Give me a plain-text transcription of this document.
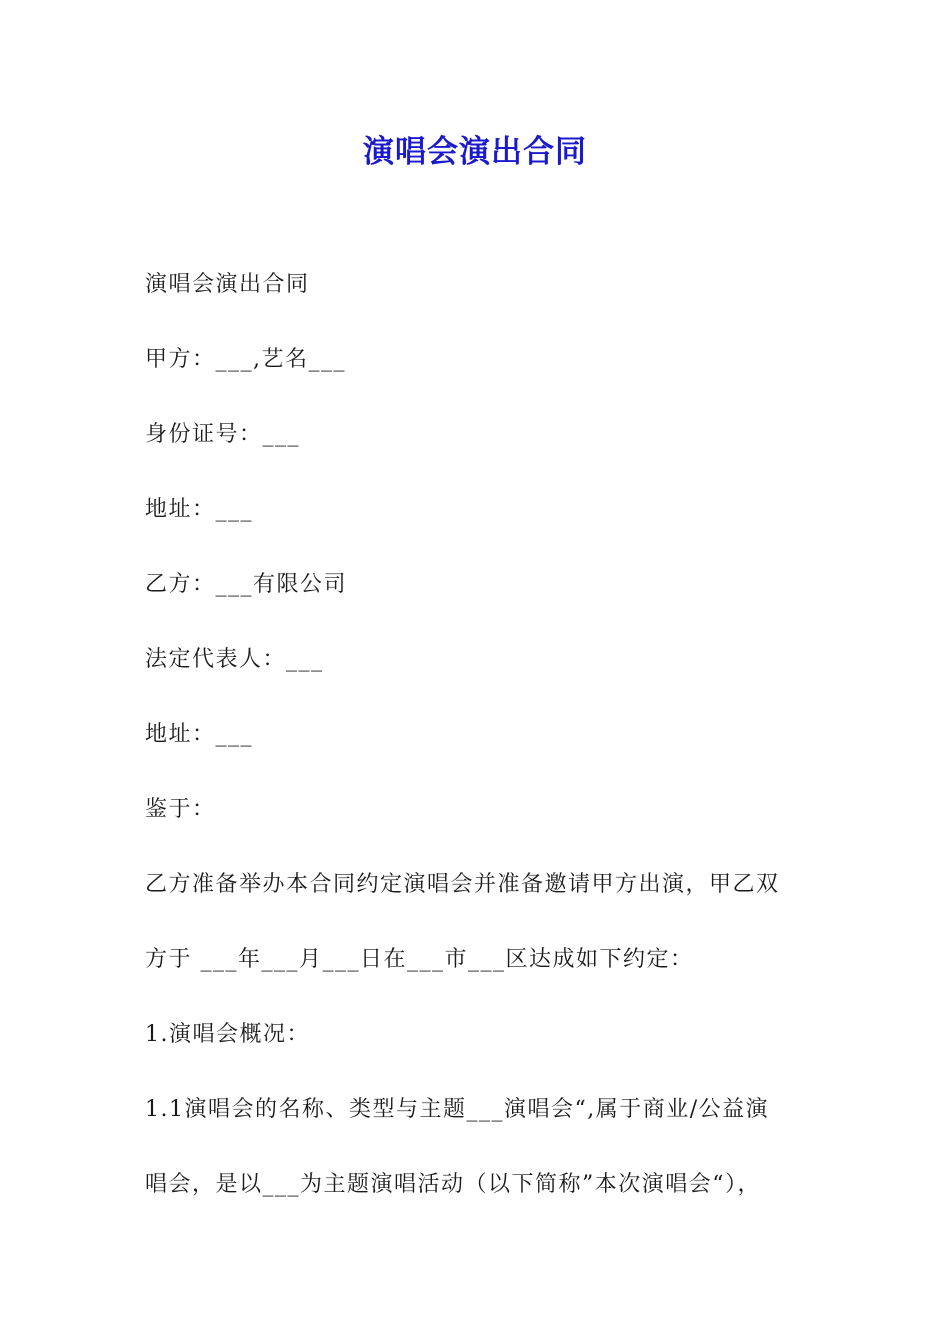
演唱会演出合同
演唱会演出合同
甲方：___,艺名___
身份证号：___
地址：___
乙方：___有限公司
法定代表人：___
地址：___
鉴于：
乙方准备举办本合同约定演唱会并准备邀请甲方出演，甲乙双
方于 ___年___月___日在___市___区达成如下约定：
1.演唱会概况：
1.1演唱会的名称、类型与主题___演唱会“,属于商业/公益演
唱会，是以___为主题演唱活动（以下简称”本次演唱会“），
